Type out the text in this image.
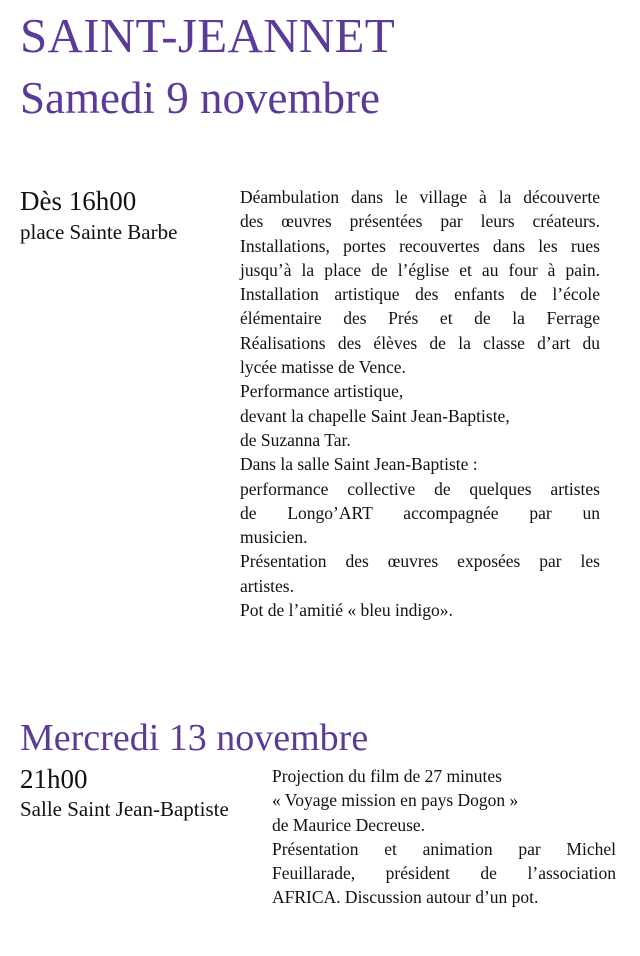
SAINT-JEANNET
Samedi 9 novembre
Dès 16h00
place Sainte Barbe
Déambulation dans le village à la découverte
des œuvres présentées par leurs créateurs.
Installations, portes recouvertes dans les rues
jusqu’à la place de l’église et au four à pain.
Installation artistique des enfants de l’école
élémentaire des Prés et de la Ferrage
Réalisations des élèves de la classe d’art du
lycée matisse de Vence.
Performance artistique,
devant la chapelle Saint Jean-Baptiste,
de Suzanna Tar.
Dans la salle Saint Jean-Baptiste :
performance collective de quelques artistes
de Longo’ART accompagnée par un
musicien.
Présentation des œuvres exposées par les
artistes.
Pot de l’amitié « bleu indigo».
Mercredi 13 novembre
21h00
Salle Saint Jean-Baptiste
Projection du film de 27 minutes
« Voyage mission en pays Dogon »
de Maurice Decreuse.
Présentation et animation par Michel
Feuillarade, président de l’association
AFRICA. Discussion autour d’un pot.
